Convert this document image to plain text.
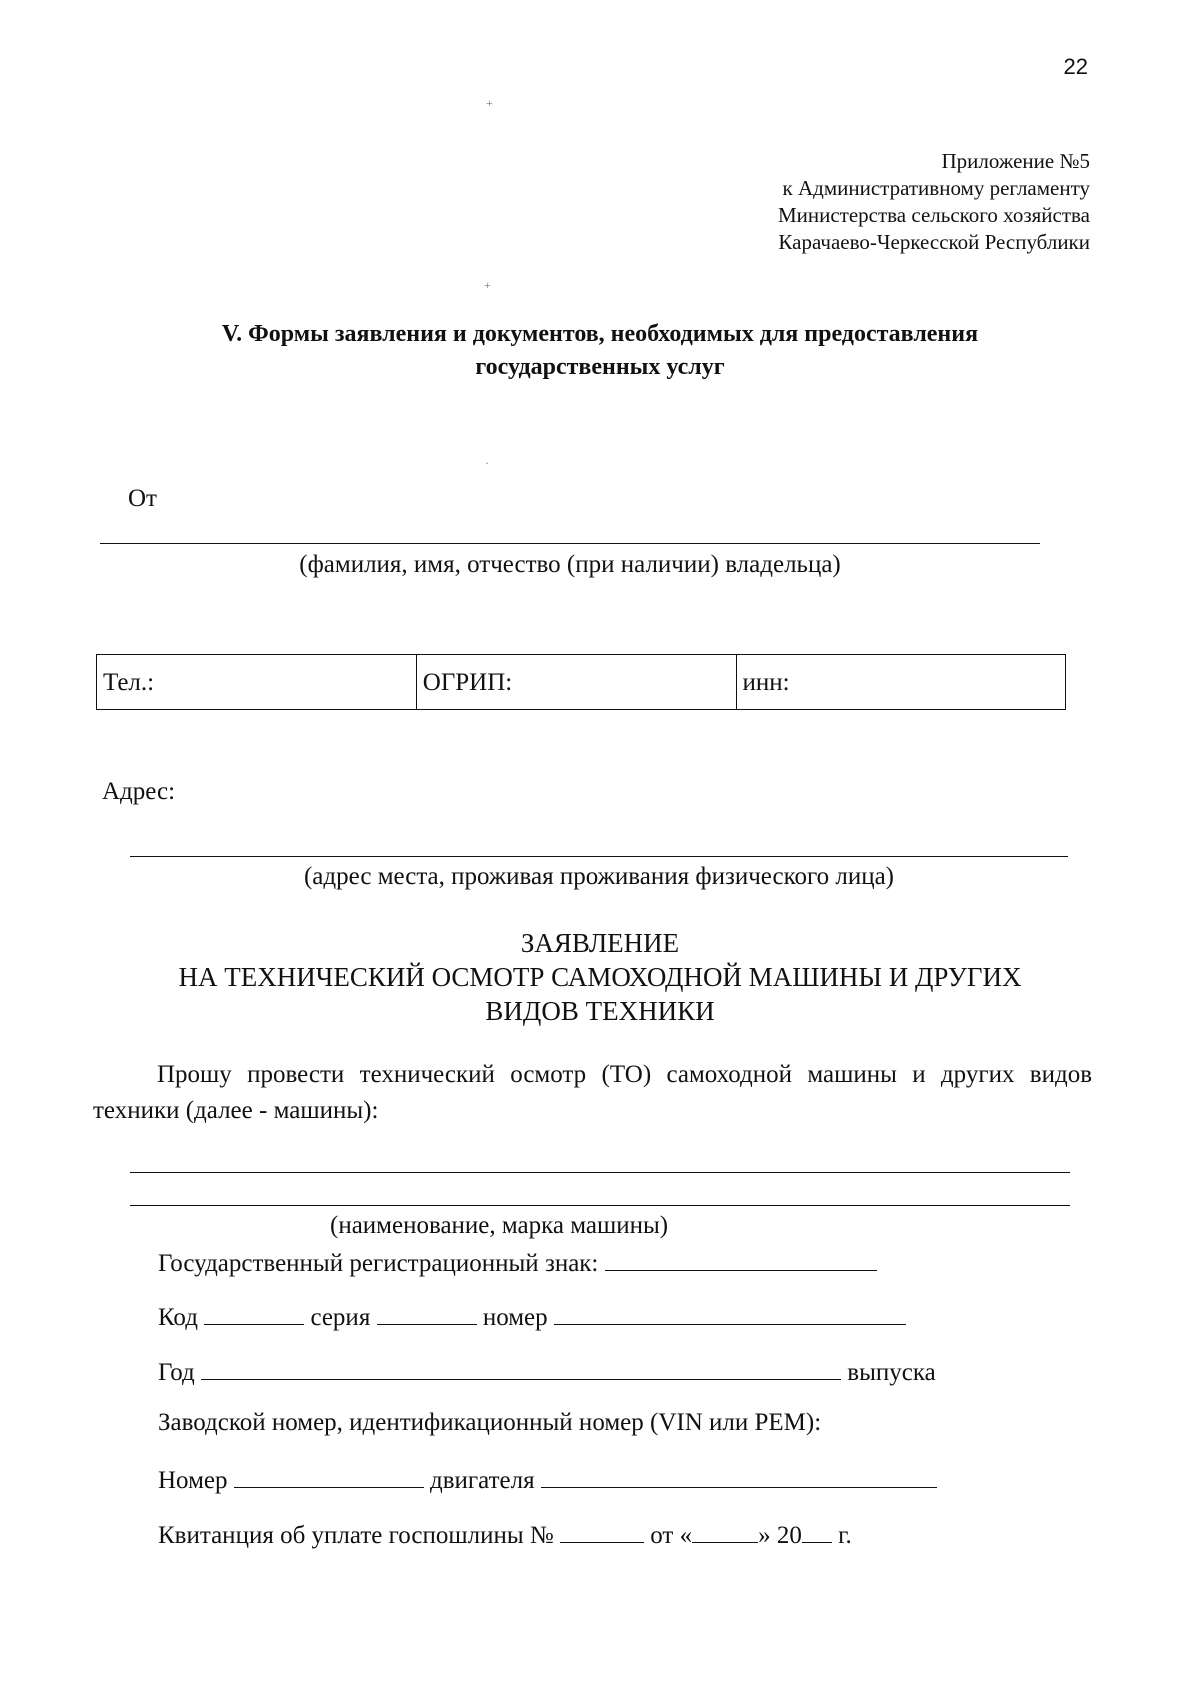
22
+
Приложение №5
к Административному регламенту
Министерства сельского хозяйства
Карачаево-Черкесской Республики
+
V. Формы заявления и документов, необходимых для предоставления
государственных услуг
·
От
(фамилия, имя, отчество (при наличии) владельца)
Тел.:	ОГРИП:	инн:
Адрес:
(адрес места, проживая проживания физического лица)
ЗАЯВЛЕНИЕ
НА ТЕХНИЧЕСКИЙ ОСМОТР САМОХОДНОЙ МАШИНЫ И ДРУГИХ
ВИДОВ ТЕХНИКИ
Прошу провести технический осмотр (ТО) самоходной машины и других видов техники (далее - машины):
(наименование, марка машины)
Государственный регистрационный знак:
Код	серия	номер
Год	выпуска
Заводской номер, идентификационный номер (VIN или PEM):
Номер	двигателя
Квитанция об уплате госпошлины №	от «	» 20 г.
